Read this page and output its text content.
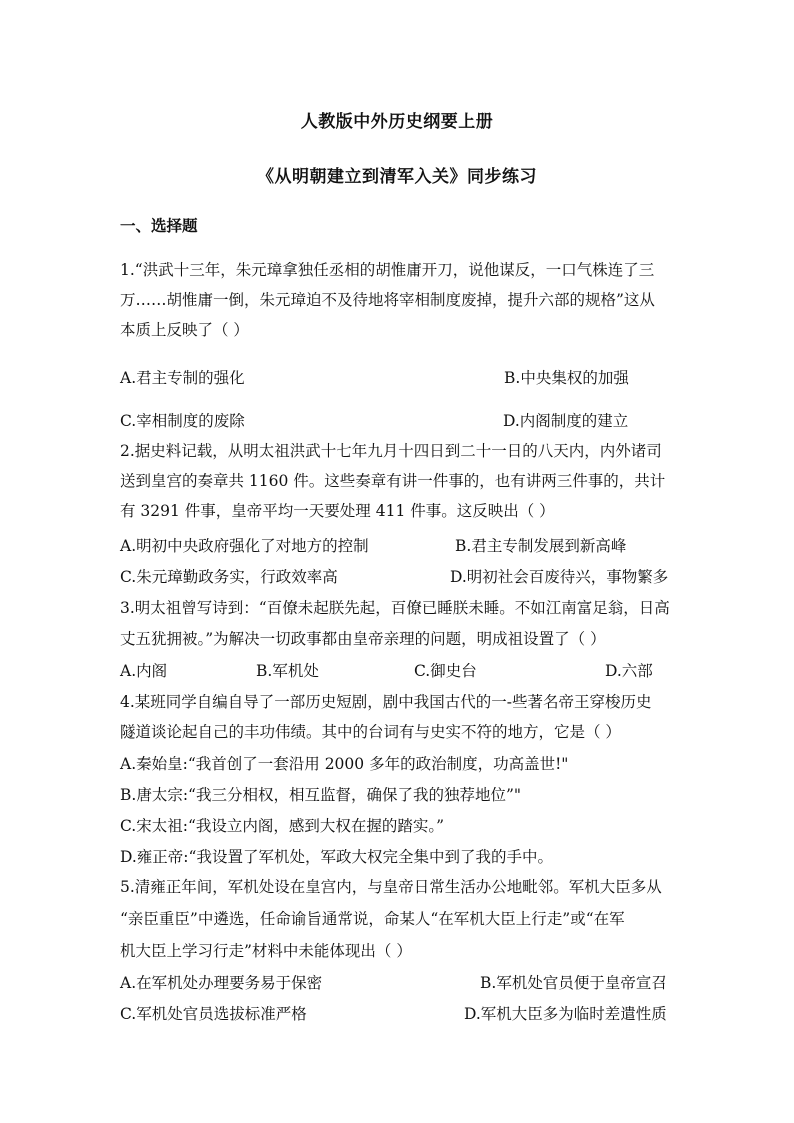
人教版中外历史纲要上册
《从明朝建立到清军入关》同步练习
一、选择题
1.“洪武十三年，朱元璋拿独任丞相的胡惟庸开刀，说他谋反，一口气株连了三
万……胡惟庸一倒，朱元璋迫不及待地将宰相制度废掉，提升六部的规格”这从
本质上反映了（ ）
A.君主专制的强化	B.中央集权的加强
C.宰相制度的废除	D.内阁制度的建立
2.据史料记载，从明太祖洪武十七年九月十四日到二十一日的八天内，内外诸司
送到皇宫的奏章共 1160 件。这些奏章有讲一件事的，也有讲两三件事的，共计
有 3291 件事，皇帝平均一天要处理 411 件事。这反映出（ ）
A.明初中央政府强化了对地方的控制	B.君主专制发展到新高峰
C.朱元璋勤政务实，行政效率高	D.明初社会百废待兴，事物繁多
3.明太祖曾写诗到：“百僚未起朕先起，百僚已睡朕未睡。不如江南富足翁，日高
丈五犹拥被。”为解决一切政事都由皇帝亲理的问题，明成祖设置了（ ）
A.内阁	B.军机处	C.御史台	D.六部
4.某班同学自编自导了一部历史短剧，剧中我国古代的一-些著名帝王穿梭历史
隧道谈论起自己的丰功伟绩。其中的台词有与史实不符的地方，它是（ ）
A.秦始皇:“我首创了一套沿用 2000 多年的政治制度，功高盖世!"
B.唐太宗:“我三分相权，相互监督，确保了我的独荐地位”"
C.宋太祖:“我设立内阁，感到大权在握的踏实。”
D.雍正帝:“我设置了军机处，军政大权完全集中到了我的手中。
5.清雍正年间，军机处设在皇宫内，与皇帝日常生活办公地毗邻。军机大臣多从
“亲臣重臣”中遴选，任命谕旨通常说，命某人“在军机大臣上行走”或“在军
机大臣上学习行走”材料中未能体现出（ ）
A.在军机处办理要务易于保密	B.军机处官员便于皇帝宣召
C.军机处官员选拔标准严格	D.军机大臣多为临时差遣性质
